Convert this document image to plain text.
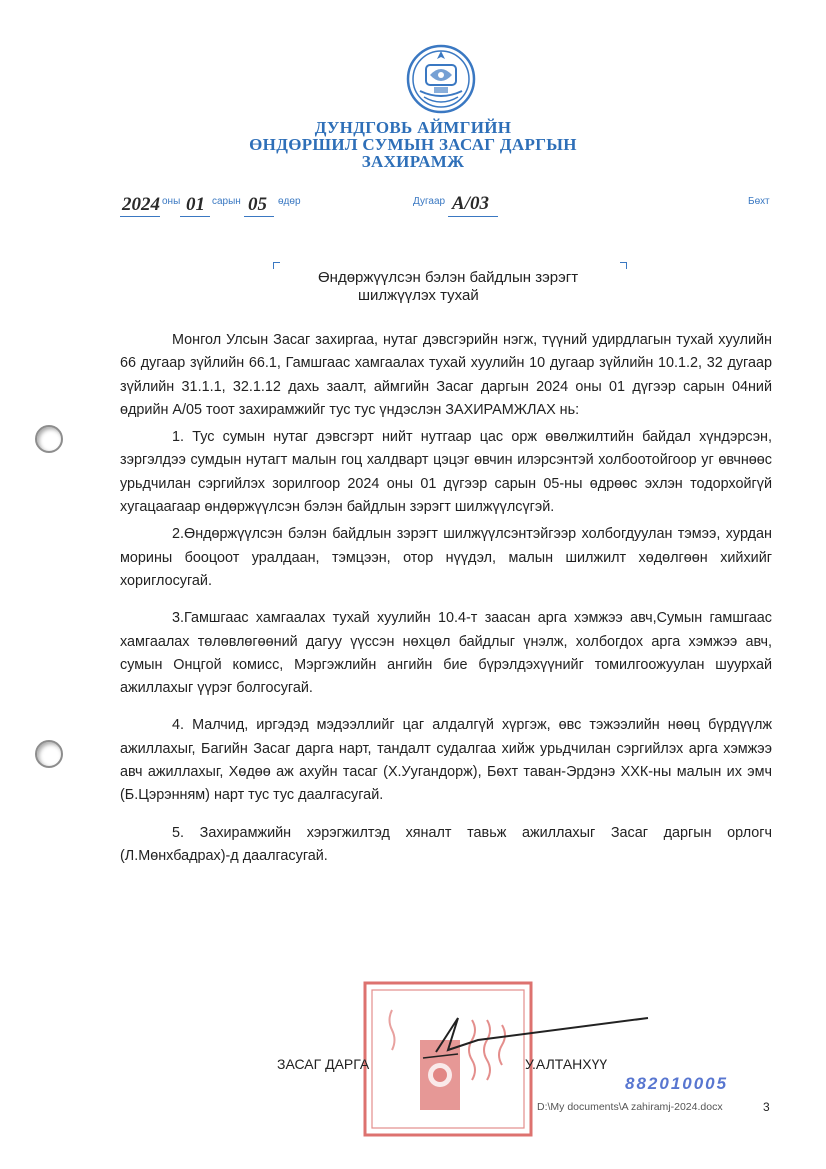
ДУНДГОВЬ АЙМГИЙН
ӨНДӨРШИЛ СУМЫН ЗАСАГ ДАРГЫН
ЗАХИРАМЖ
2024 оны 01 сарын 05 өдөр	Дугаар А/03	Бөхт
Өндөржүүлсэн бэлэн байдлын зэрэгт
шилжүүлэх тухай

Монгол Улсын Засаг захиргаа, нутаг дэвсгэрийн нэгж, түүний удирдлагын тухай хуулийн 66 дугаар зүйлийн 66.1, Гамшгаас хамгаалах тухай хуулийн 10 дугаар зүйлийн 10.1.2, 32 дугаар зүйлийн 31.1.1, 32.1.12 дахь заалт, аймгийн Засаг даргын 2024 оны 01 дүгээр сарын 04ний өдрийн А/05 тоот захирамжийг тус тус үндэслэн ЗАХИРАМЖЛАХ нь:

1. Тус сумын нутаг дэвсгэрт нийт нутгаар цас орж өвөлжилтийн байдал хүндэрсэн, зэргэлдээ сумдын нутагт малын гоц халдварт цэцэг өвчин илэрсэнтэй холбоотойгоор уг өвчнөөс урьдчилан сэргийлэх зорилгоор 2024 оны 01 дүгээр сарын 05-ны өдрөөс эхлэн тодорхойгүй хугацаагаар өндөржүүлсэн бэлэн байдлын зэрэгт шилжүүлсүгэй.

2.Өндөржүүлсэн бэлэн байдлын зэрэгт шилжүүлсэнтэйгээр холбогдуулан тэмээ, хурдан морины бооцоот уралдаан, тэмцээн, отор нүүдэл, малын шилжилт хөдөлгөөн хийхийг хориглосугай.

3.Гамшгаас хамгаалах тухай хуулийн 10.4-т заасан арга хэмжээ авч,Сумын гамшгаас хамгаалах төлөвлөгөөний дагуу үүссэн нөхцөл байдлыг үнэлж, холбогдох арга хэмжээ авч, сумын Онцгой комисс, Мэргэжлийн ангийн бие бүрэлдэхүүнийг томилгоожуулан шуурхай ажиллахыг үүрэг болгосугай.

4. Малчид, иргэдэд мэдээллийг цаг алдалгүй хүргэж, өвс тэжээлийн нөөц бүрдүүлж ажиллахыг, Багийн Засаг дарга нарт, тандалт судалгаа хийж урьдчилан сэргийлэх арга хэмжээ авч ажиллахыг, Хөдөө аж ахуйн тасаг (Х.Уугандорж), Бөхт таван-Эрдэнэ ХХК-ны малын их эмч (Б.Цэрэнням) нарт тус тус даалгасугай.

5. Захирамжийн хэрэгжилтэд хяналт тавьж ажиллахыг Засаг даргын орлогч (Л.Мөнхбадрах)-д даалгасугай.

ЗАСАГ ДАРГА	У.АЛТАНХҮҮ
882010005
D:\My documents\A zahiramj-2024.docx	3
